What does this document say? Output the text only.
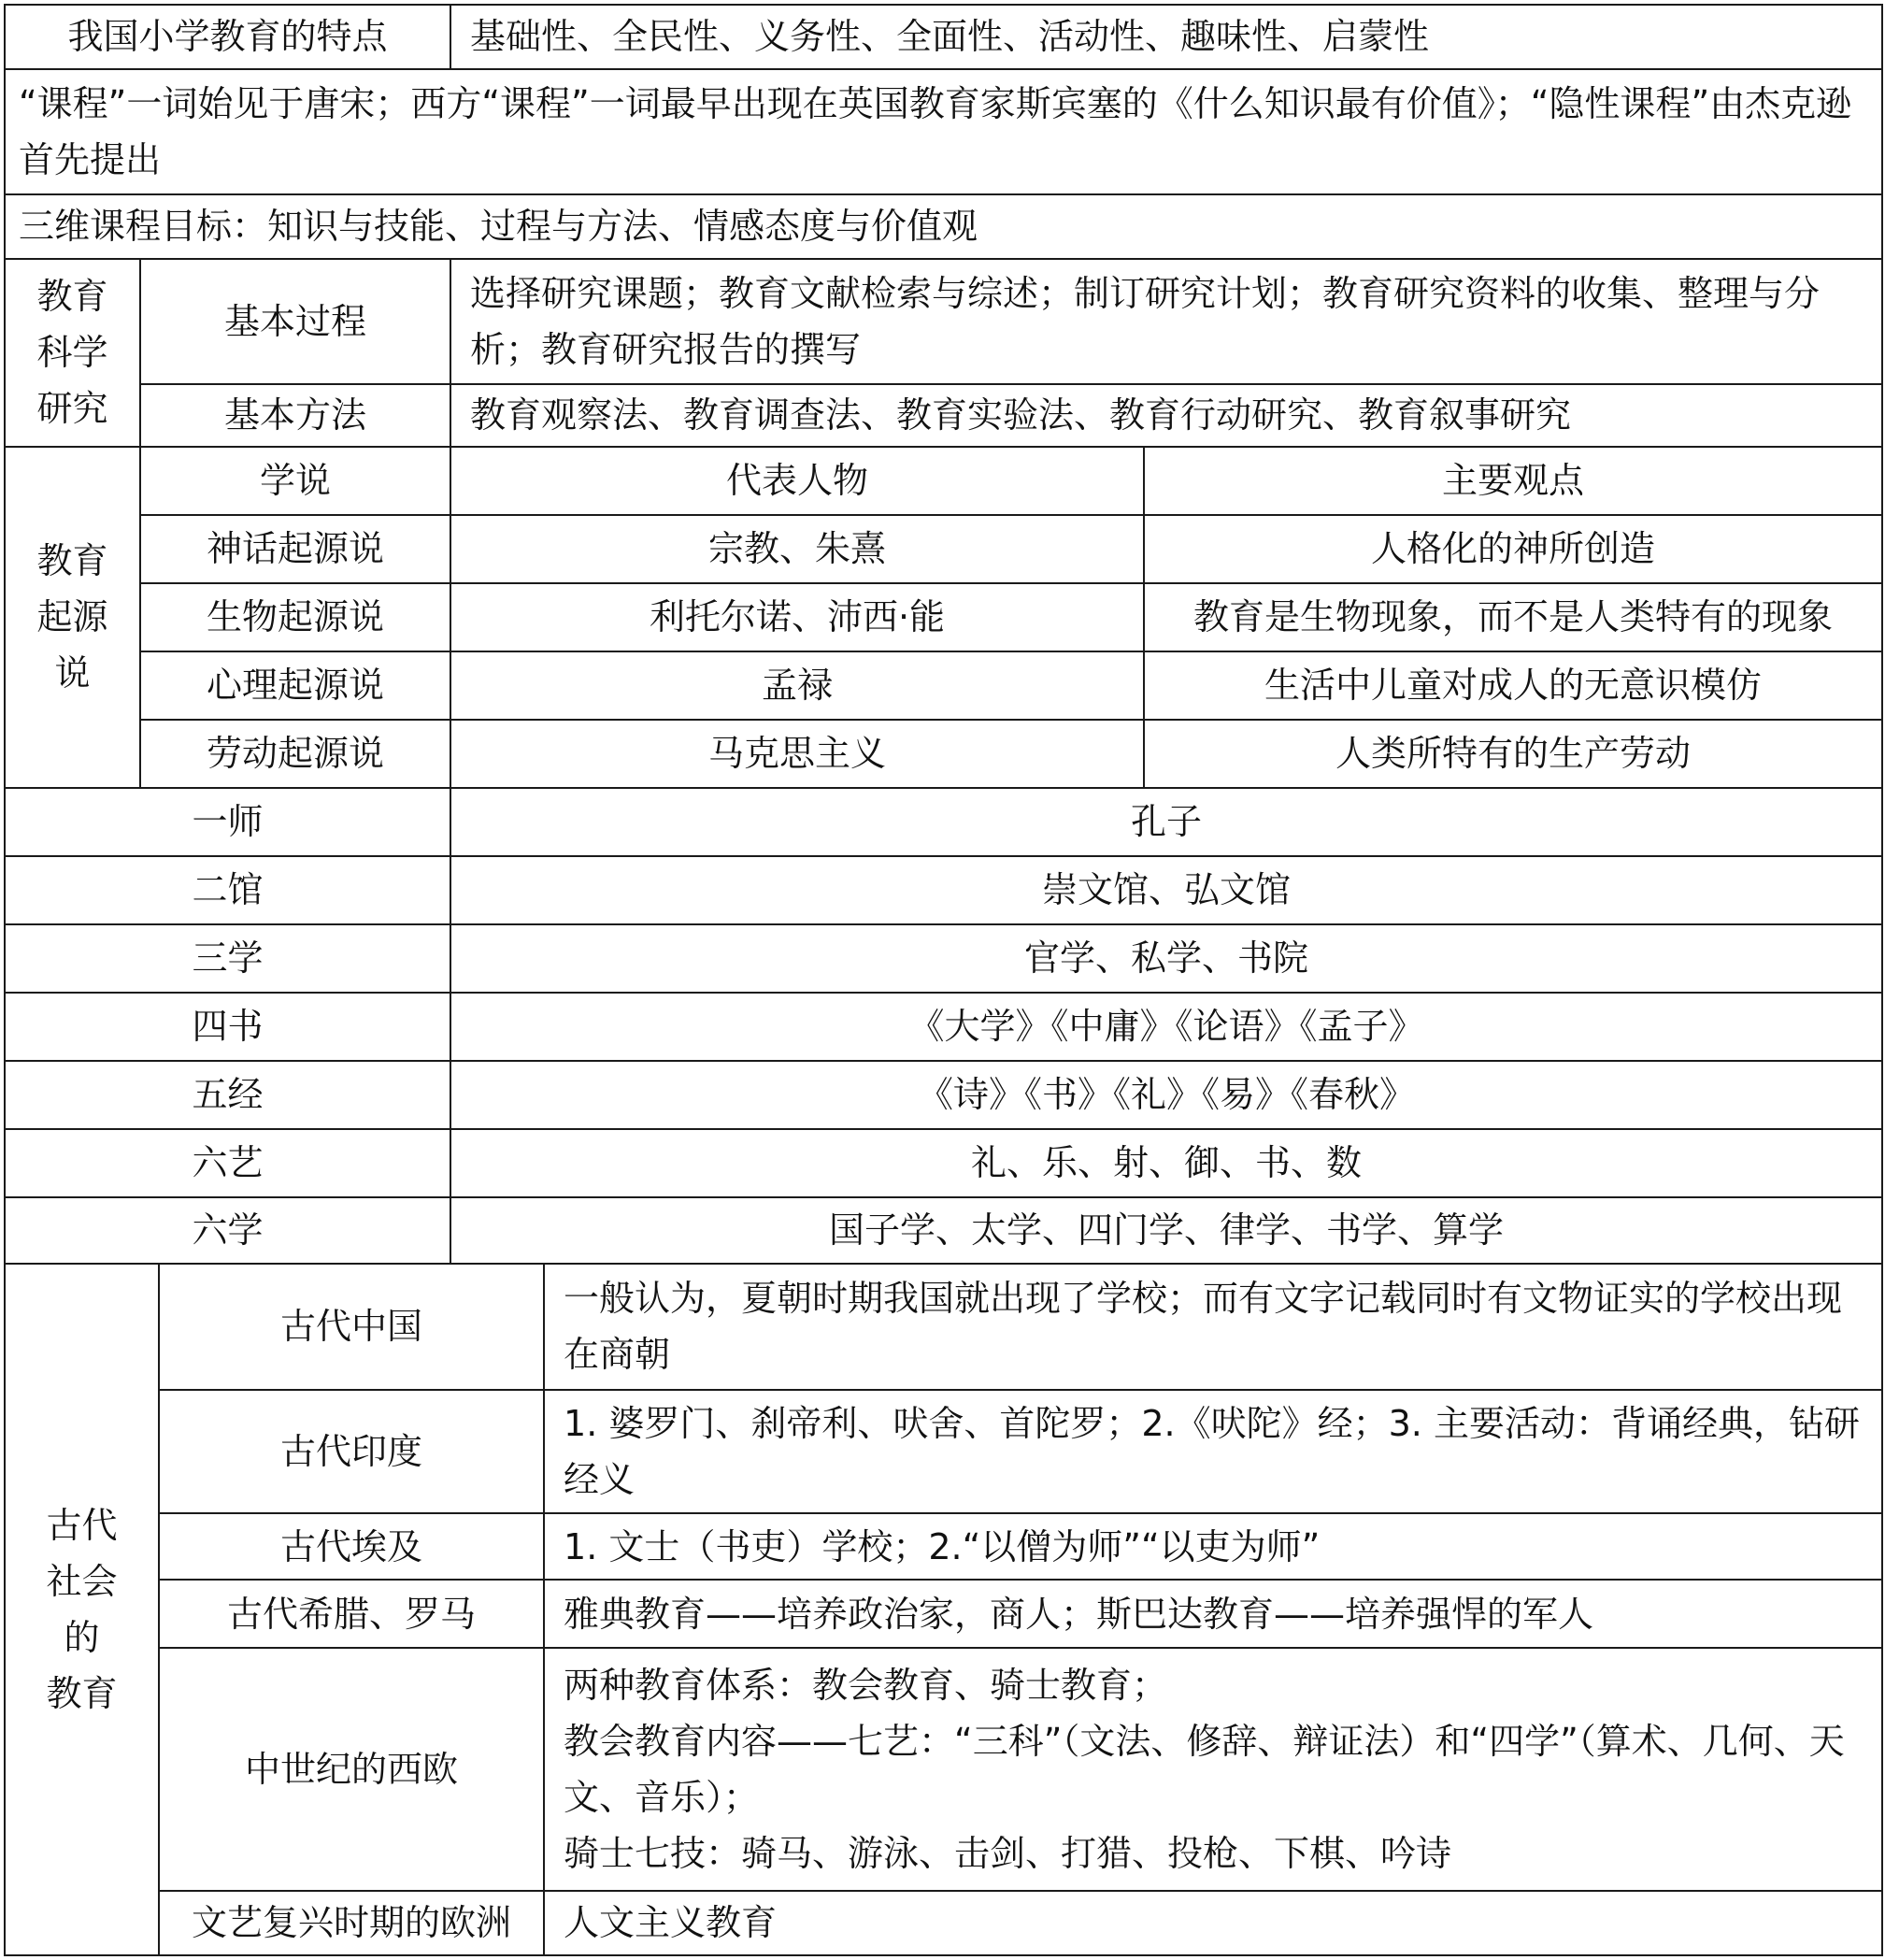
我国小学教育的特点			基础性、全民性、义务性、全面性、活动性、趣味性、启蒙性		
“课程”一词始见于唐宋；西方“课程”一词最早出现在英国教育家斯宾塞的《什么知识最有价值》；“隐性课程”由杰克逊首先提出					
三维课程目标：知识与技能、过程与方法、情感态度与价值观					
教育
科学
研究	基本过程		选择研究课题；教育文献检索与综述；制订研究计划；教育研究资料的收集、整理与分析；教育研究报告的撰写		
	基本方法		教育观察法、教育调查法、教育实验法、教育行动研究、教育叙事研究		
教育
起源
说	学说		代表人物		主要观点
	神话起源说		宗教、朱熹		人格化的神所创造
	生物起源说		利托尔诺、沛西·能		教育是生物现象，而不是人类特有的现象
	心理起源说		孟禄		生活中儿童对成人的无意识模仿
	劳动起源说		马克思主义		人类所特有的生产劳动
一师			孔子		
二馆			崇文馆、弘文馆		
三学			官学、私学、书院		
四书			《大学》《中庸》《论语》《孟子》		
五经			《诗》《书》《礼》《易》《春秋》		
六艺			礼、乐、射、御、书、数		
六学			国子学、太学、四门学、律学、书学、算学		
古代
社会
的
教育		古代中国		一般认为，夏朝时期我国就出现了学校；而有文字记载同时有文物证实的学校出现在商朝	
		古代印度		1. 婆罗门、刹帝利、吠舍、首陀罗；2.《吠陀》经；3. 主要活动：背诵经典，钻研经义	
		古代埃及		1. 文士（书吏）学校；2.“以僧为师”“以吏为师”	
		古代希腊、罗马		雅典教育——培养政治家，商人；斯巴达教育——培养强悍的军人	
		中世纪的西欧		两种教育体系：教会教育、骑士教育；
教会教育内容——七艺：“三科”（文法、修辞、辩证法）和“四学”（算术、几何、天文、音乐）；
骑士七技：骑马、游泳、击剑、打猎、投枪、下棋、吟诗	
		文艺复兴时期的欧洲		人文主义教育	
